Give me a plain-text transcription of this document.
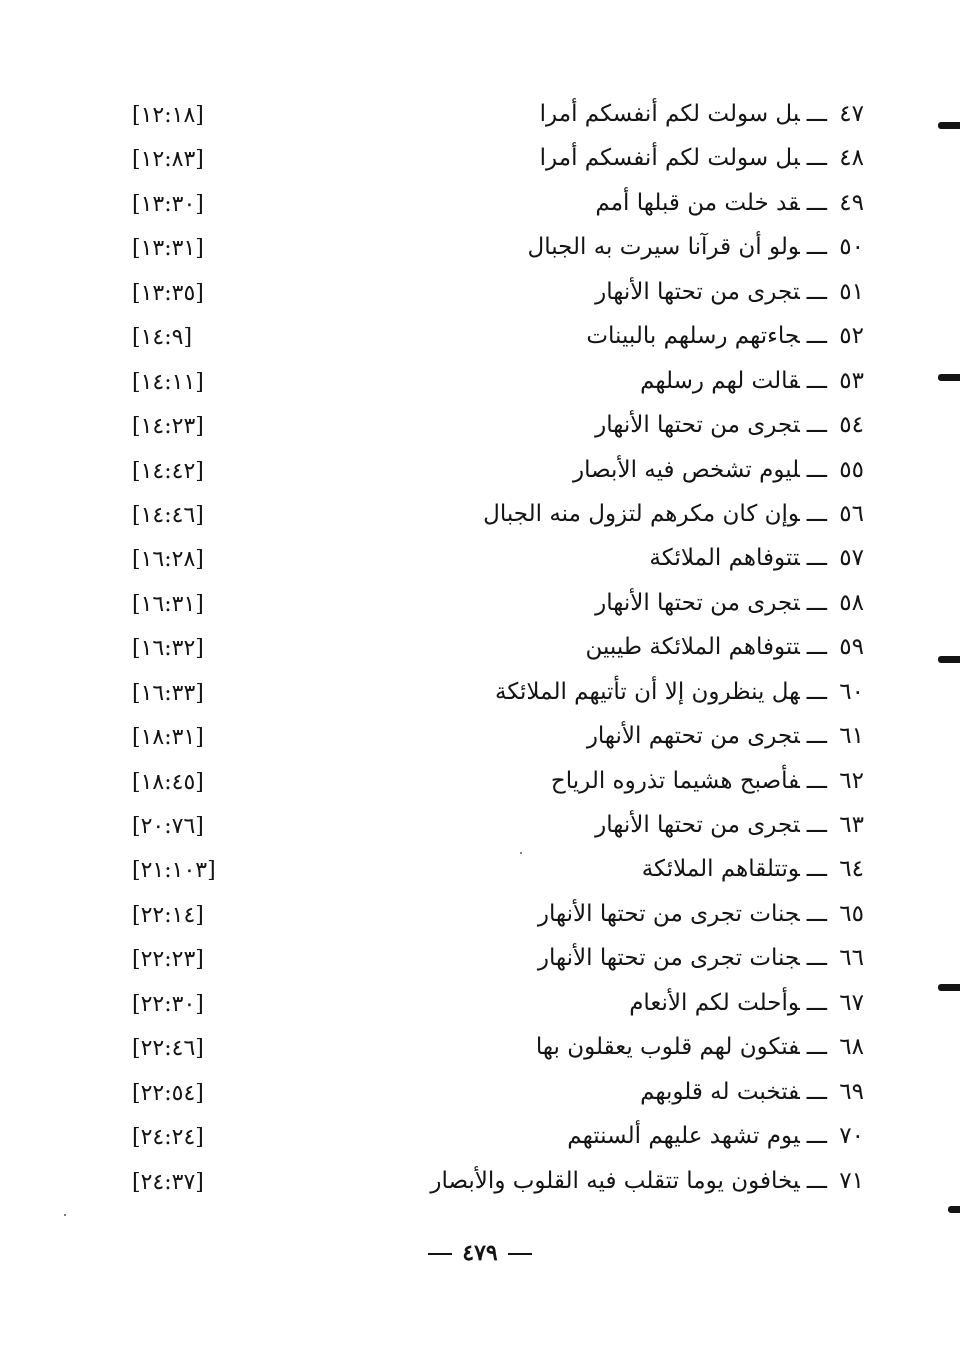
٤٧ـــبل سولت لكم أنفسكم أمرا
[١٢:١٨]
٤٨ـــبل سولت لكم أنفسكم أمرا
[١٢:٨٣]
٤٩ـــقد خلت من قبلها أمم
[١٣:٣٠]
٥٠ـــولو أن قرآنا سيرت به الجبال
[١٣:٣١]
٥١ـــتجرى من تحتها الأنهار
[١٣:٣٥]
٥٢ـــجاءتهم رسلهم بالبينات
[١٤:٩]
٥٣ـــقالت لهم رسلهم
[١٤:١١]
٥٤ـــتجرى من تحتها الأنهار
[١٤:٢٣]
٥٥ـــليوم تشخص فيه الأبصار
[١٤:٤٢]
٥٦ـــوإن كان مكرهم لتزول منه الجبال
[١٤:٤٦]
٥٧ـــتتوفاهم الملائكة
[١٦:٢٨]
٥٨ـــتجرى من تحتها الأنهار
[١٦:٣١]
٥٩ـــتتوفاهم الملائكة طيبين
[١٦:٣٢]
٦٠ـــهل ينظرون إلا أن تأتيهم الملائكة
[١٦:٣٣]
٦١ـــتجرى من تحتهم الأنهار
[١٨:٣١]
٦٢ـــفأصبح هشيما تذروه الرياح
[١٨:٤٥]
٦٣ـــتجرى من تحتها الأنهار
[٢٠:٧٦]
٦٤ـــوتتلقاهم الملائكة
[٢١:١٠٣]
٦٥ـــجنات تجرى من تحتها الأنهار
[٢٢:١٤]
٦٦ـــجنات تجرى من تحتها الأنهار
[٢٢:٢٣]
٦٧ـــوأحلت لكم الأنعام
[٢٢:٣٠]
٦٨ـــفتكون لهم قلوب يعقلون بها
[٢٢:٤٦]
٦٩ـــفتخبت له قلوبهم
[٢٢:٥٤]
٧٠ـــيوم تشهد عليهم ألسنتهم
[٢٤:٢٤]
٧١ـــيخافون يوما تتقلب فيه القلوب والأبصار
[٢٤:٣٧]
٤٧٩
